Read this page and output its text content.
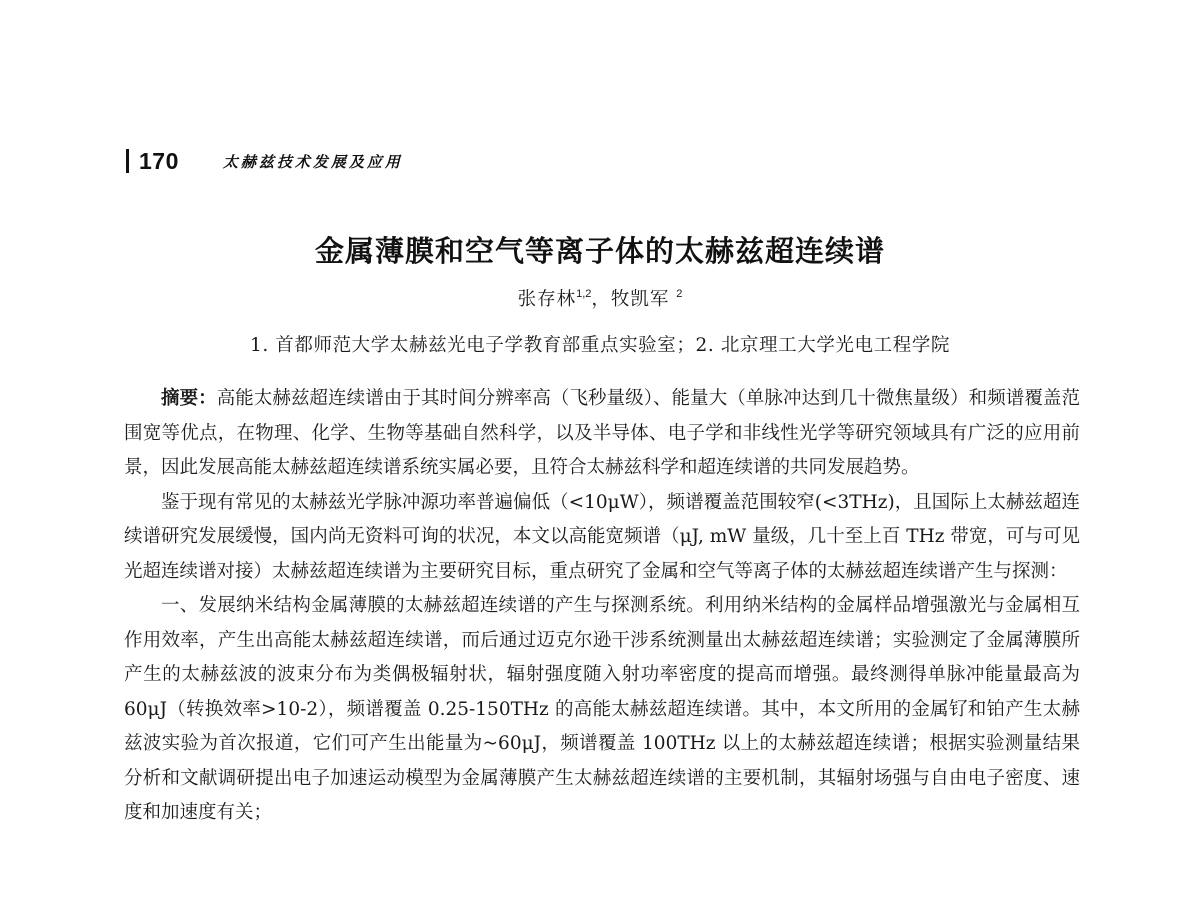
170	太赫兹技术发展及应用
金属薄膜和空气等离子体的太赫兹超连续谱
张存林$^{1,2}$，牧凯军 $^2$
1. 首都师范大学太赫兹光电子学教育部重点实验室；2. 北京理工大学光电工程学院

摘要：高能太赫兹超连续谱由于其时间分辨率高（飞秒量级）、能量大（单脉冲达到几十微焦量级）和频谱覆盖范围宽等优点，在物理、化学、生物等基础自然科学，以及半导体、电子学和非线性光学等研究领域具有广泛的应用前景，因此发展高能太赫兹超连续谱系统实属必要，且符合太赫兹科学和超连续谱的共同发展趋势。

鉴于现有常见的太赫兹光学脉冲源功率普遍偏低（<10μW），频谱覆盖范围较窄(<3THz)，且国际上太赫兹超连续谱研究发展缓慢，国内尚无资料可询的状况，本文以高能宽频谱（μJ, mW 量级，几十至上百 THz 带宽，可与可见光超连续谱对接）太赫兹超连续谱为主要研究目标，重点研究了金属和空气等离子体的太赫兹超连续谱产生与探测：

一、发展纳米结构金属薄膜的太赫兹超连续谱的产生与探测系统。利用纳米结构的金属样品增强激光与金属相互作用效率，产生出高能太赫兹超连续谱，而后通过迈克尔逊干涉系统测量出太赫兹超连续谱；实验测定了金属薄膜所产生的太赫兹波的波束分布为类偶极辐射状，辐射强度随入射功率密度的提高而增强。最终测得单脉冲能量最高为 60μJ（转换效率>10-2），频谱覆盖 0.25-150THz 的高能太赫兹超连续谱。其中，本文所用的金属钌和铂产生太赫兹波实验为首次报道，它们可产生出能量为~60μJ，频谱覆盖 100THz 以上的太赫兹超连续谱；根据实验测量结果分析和文献调研提出电子加速运动模型为金属薄膜产生太赫兹超连续谱的主要机制，其辐射场强与自由电子密度、速度和加速度有关；
